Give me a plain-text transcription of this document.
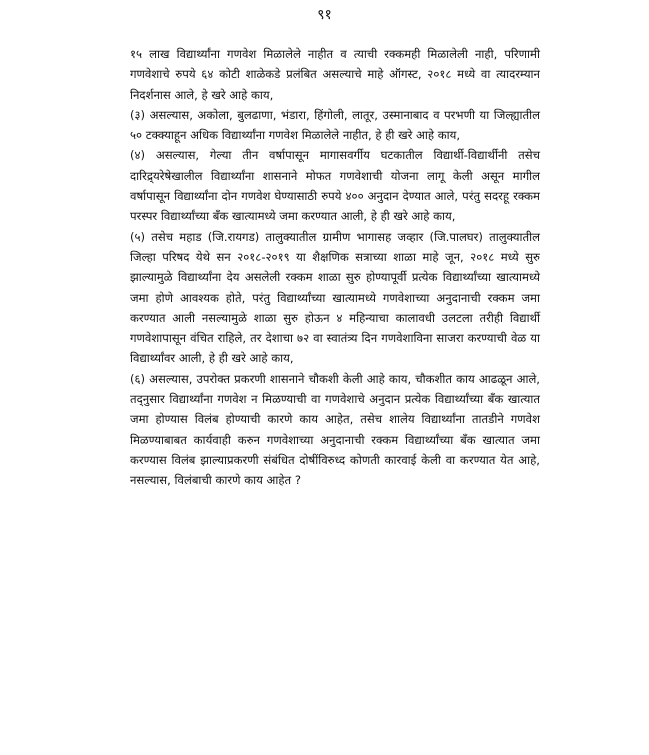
९१

१५ लाख विद्यार्थ्यांना गणवेश मिळालेले नाहीत व त्याची रक्कमही मिळालेली नाही, परिणामी गणवेशाचे रुपये ६४ कोटी शाळेकडे प्रलंबित असल्याचे माहे ऑगस्ट, २०१८ मध्ये वा त्यादरम्यान निदर्शनास आले, हे खरे आहे काय,

(३) असल्यास, अकोला, बुलढाणा, भंडारा, हिंगोली, लातूर, उस्मानाबाद व परभणी या जिल्ह्यातील ५० टक्क्याहून अधिक विद्यार्थ्यांना गणवेश मिळालेले नाहीत, हे ही खरे आहे काय,

(४) असल्यास, गेल्या तीन वर्षापासून मागासवर्गीय घटकातील विद्यार्थी-विद्यार्थीनी तसेच दारिद्र्यरेषेखालील विद्यार्थ्यांना शासनाने मोफत गणवेशाची योजना लागू केली असून मागील वर्षापासून विद्यार्थ्यांना दोन गणवेश घेण्यासाठी रुपये ४०० अनुदान देण्यात आले, परंतु सदरहू रक्कम परस्पर विद्यार्थ्यांच्या बँक खात्यामध्ये जमा करण्यात आली, हे ही खरे आहे काय,

(५) तसेच महाड (जि.रायगड) तालुक्यातील ग्रामीण भागासह जव्हार (जि.पालघर) तालुक्यातील जिल्हा परिषद येथे सन २०१८-२०१९ या शैक्षणिक सत्राच्या शाळा माहे जून, २०१८ मध्ये सुरु झाल्यामुळे विद्यार्थ्यांना देय असलेली रक्कम शाळा सुरु होण्यापूर्वी प्रत्येक विद्यार्थ्यांच्या खात्यामध्ये जमा होणे आवश्यक होते, परंतु विद्यार्थ्यांच्या खात्यामध्ये गणवेशाच्या अनुदानाची रक्कम जमा करण्यात आली नसल्यामुळे शाळा सुरु होऊन ४ महिन्याचा कालावधी उलटला तरीही विद्यार्थी गणवेशापासून वंचित राहिले, तर देशाचा ७२ वा स्वातंत्र्य दिन गणवेशाविना साजरा करण्याची वेळ या विद्यार्थ्यांवर आली, हे ही खरे आहे काय,

(६) असल्यास, उपरोक्त प्रकरणी शासनाने चौकशी केली आहे काय, चौकशीत काय आढळून आले, तद्नुसार विद्यार्थ्यांना गणवेश न मिळण्याची वा गणवेशाचे अनुदान प्रत्येक विद्यार्थ्यांच्या बँक खात्यात जमा होण्यास विलंब होण्याची कारणे काय आहेत, तसेच शालेय विद्यार्थ्यांना तातडीने गणवेश मिळण्याबाबत कार्यवाही करुन गणवेशाच्या अनुदानाची रक्कम विद्यार्थ्यांच्या बँक खात्यात जमा करण्यास विलंब झाल्याप्रकरणी संबंधित दोषींविरुध्द कोणती कारवाई केली वा करण्यात येत आहे, नसल्यास, विलंबाची कारणे काय आहेत ?
